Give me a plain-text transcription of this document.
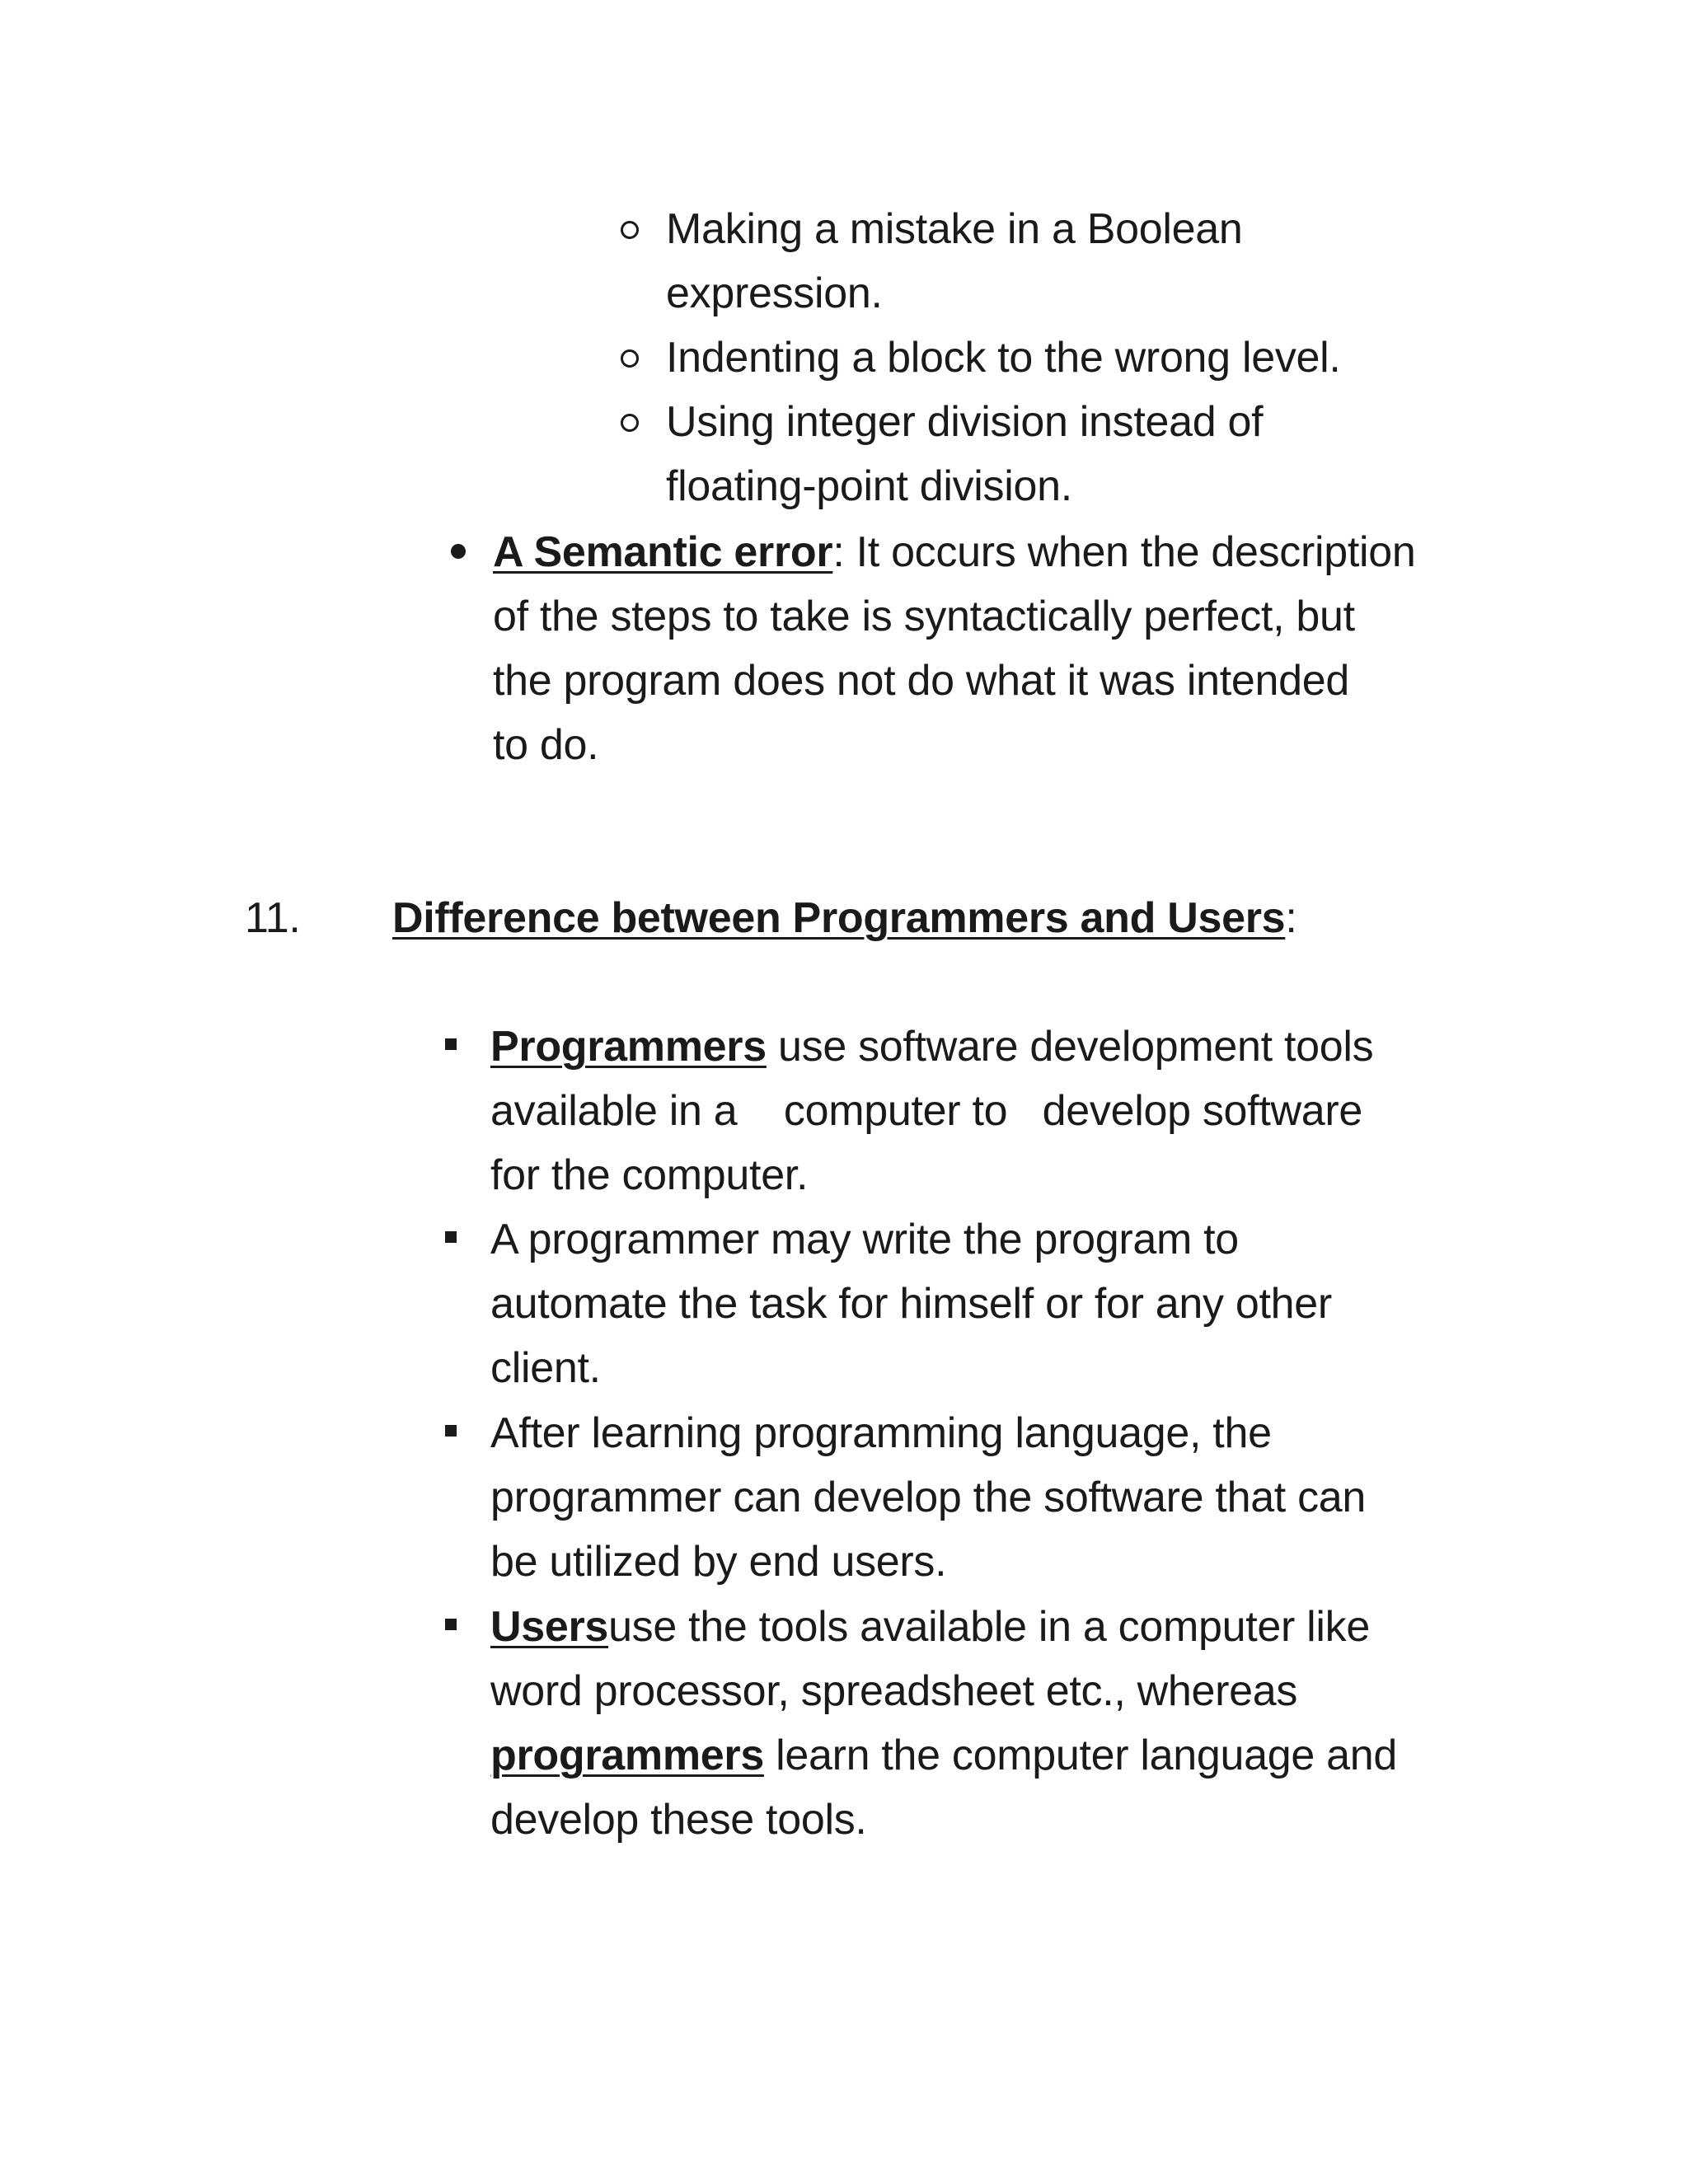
Making a mistake in a Boolean
expression.
Indenting a block to the wrong level.
Using integer division instead of
floating-point division.
A Semantic error: It occurs when the description
of the steps to take is syntactically perfect, but
the program does not do what it was intended
to do.
11. Difference between Programmers and Users:
Programmers use software development tools
available in a    computer to   develop software
for the computer.
A programmer may write the program to
automate the task for himself or for any other
client.
After learning programming language, the
programmer can develop the software that can
be utilized by end users.
Usersuse the tools available in a computer like
word processor, spreadsheet etc., whereas
programmers learn the computer language and
develop these tools.
